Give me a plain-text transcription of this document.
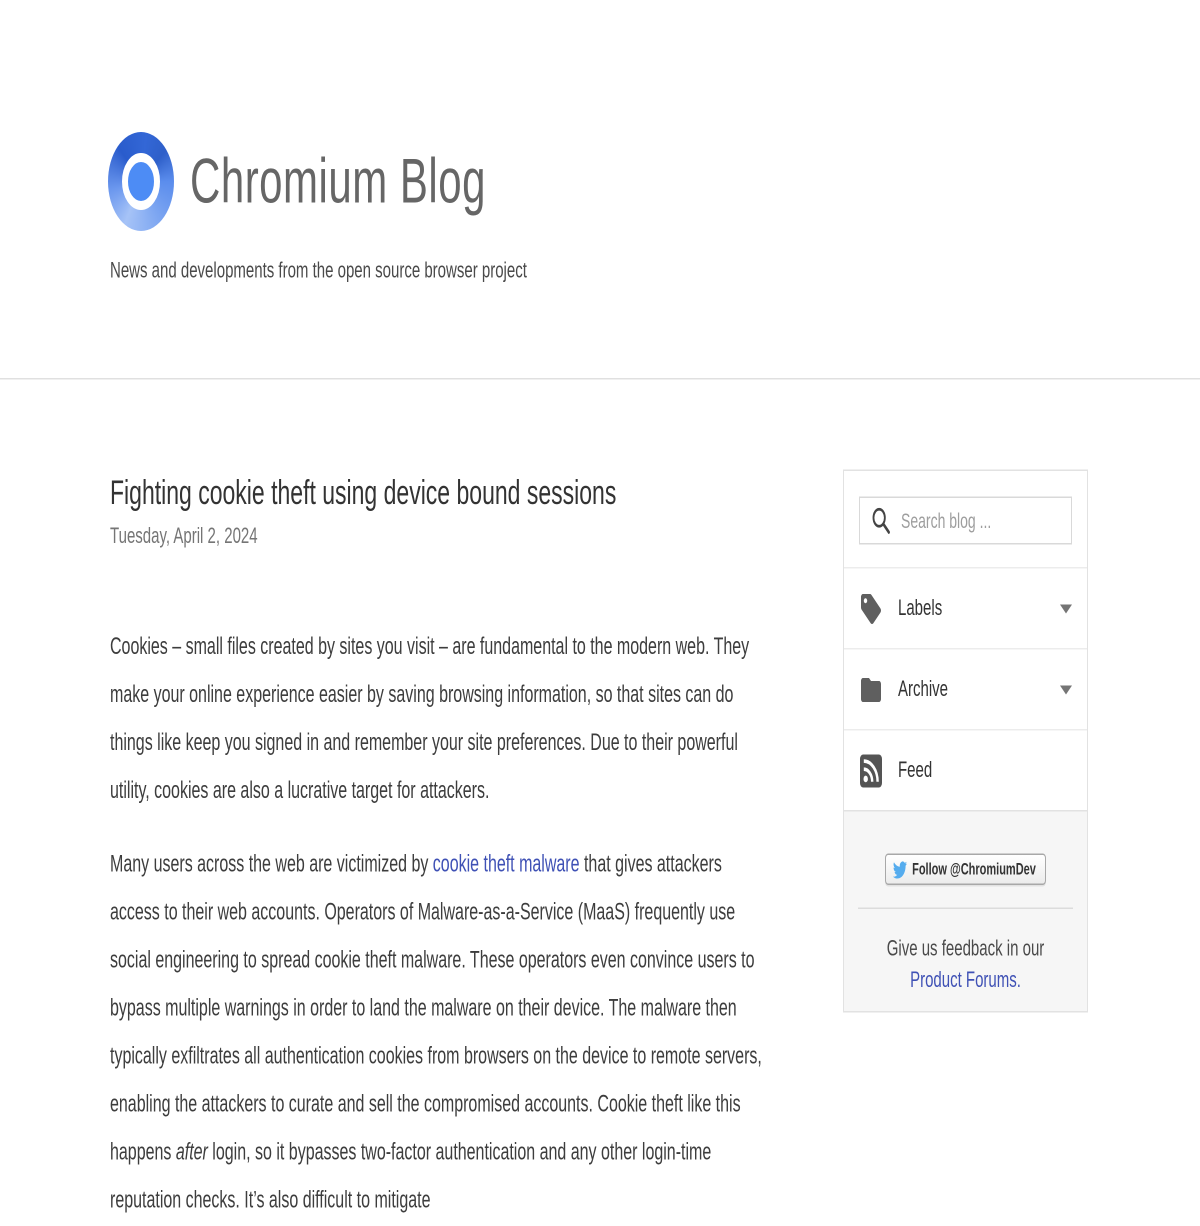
Chromium Blog
News and developments from the open source browser project
Fighting cookie theft using device bound sessions
Tuesday, April 2, 2024

Cookies – small files created by sites you visit – are fundamental to the modern web. They make your online experience easier by saving browsing information, so that sites can do things like keep you signed in and remember your site preferences. Due to their powerful utility, cookies are also a lucrative target for attackers.

Many users across the web are victimized by cookie theft malware that gives attackers access to their web accounts. Operators of Malware-as-a-Service (MaaS) frequently use social engineering to spread cookie theft malware. These operators even convince users to bypass multiple warnings in order to land the malware on their device. The malware then typically exfiltrates all authentication cookies from browsers on the device to remote servers, enabling the attackers to curate and sell the compromised accounts. Cookie theft like this happens after login, so it bypasses two-factor authentication and any other login-time reputation checks. It’s also difficult to mitigate

Search blog ...
Labels
Archive
Feed
Follow @ChromiumDev
Give us feedback in our Product Forums.
